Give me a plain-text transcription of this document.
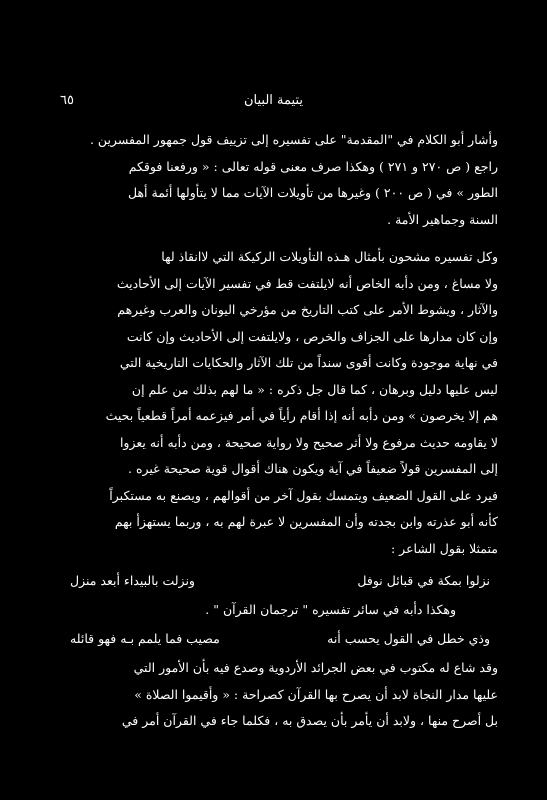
يتيمة البيان
٦٥
وأشار أبو الكلام في "المقدمة" على تفسيره إلى تزييف قول جمهور المفسرين .
راجع ( ص ٢٧٠ و ٢٧١ ) وهكذا صرف معنى قوله تعالى : « ورفعنا فوقكم
الطور » في ( ص ٢٠٠ ) وغيرها من تأويلات الآيات مما لا يتأولها أئمة أهل
السنة وجماهير الأمة .
وكل تفسيره مشحون بأمثال هـذه التأويلات الركيكة التي لاانقاذ لها
ولا مساغ ، ومن دأبه الخاص أنه لايلتفت قط في تفسير الآيات إلى الأحاديث
والآثار ، ويشوط الأمر على كتب التاريخ من مؤرخي اليونان والعرب وغيرهم
وإن كان مدارها على الجزاف والخرص ، ولايلتفت إلى الأحاديث وإن كانت
في نهاية موجودة وكانت أقوى سنداً من تلك الآثار والحكايات التاريخية التي
ليس عليها دليل وبرهان ، كما قال جل ذكره : « ما لهم بذلك من علم إن
هم إلا يخرصون » ومن دأبه أنه إذا أقام رأياً في أمر فيزعمه أمراً قطعياً بحيث
لا يقاومه حديث مرفوع ولا أثر صحيح ولا رواية صحيحة ، ومن دأبه أنه يعزوا
إلى المفسرين قولاً ضعيفاً في آية ويكون هناك أقوال قوية صحيحة غيره .
فيرد على القول الضعيف ويتمسك بقول آخر من أقوالهم ، ويصنع به مستكبراً
كأنه أبو عذرته وابن بجدته وأن المفسرين لا عبرة لهم به ، وربما يستهزأ بهم
متمثلا بقول الشاعر :
نزلوا بمكة في قبائل نوفل
ونزلت بالبيداء أبعد منزل
وهكذا دأبه في سائر تفسيره " ترجمان القرآن " .
وذي خطل في القول يحسب أنه
مصيب فما يلمم بـه فهو قائله
وقد شاع له مكتوب في بعض الجرائد الأردوية وصدع فيه بأن الأمور التي
عليها مدار النجاة لابد أن يصرح بها القرآن كصراحة : « وأقيموا الصلاة »
بل أصرح منها ، ولابد أن يأمر بأن يصدق به ، فكلما جاء في القرآن أمر في
